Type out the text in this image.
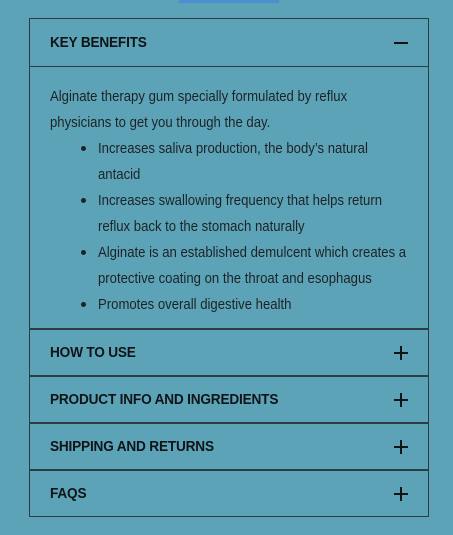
KEY BENEFITS

Alginate therapy gum specially formulated by reflux physicians to get you through the day.

Increases saliva production, the body’s natural antacid
Increases swallowing frequency that helps return reflux back to the stomach naturally
Alginate is an established demulcent which creates a protective coating on the throat and esophagus
Promotes overall digestive health
HOW TO USE
PRODUCT INFO AND INGREDIENTS
SHIPPING AND RETURNS
FAQS
